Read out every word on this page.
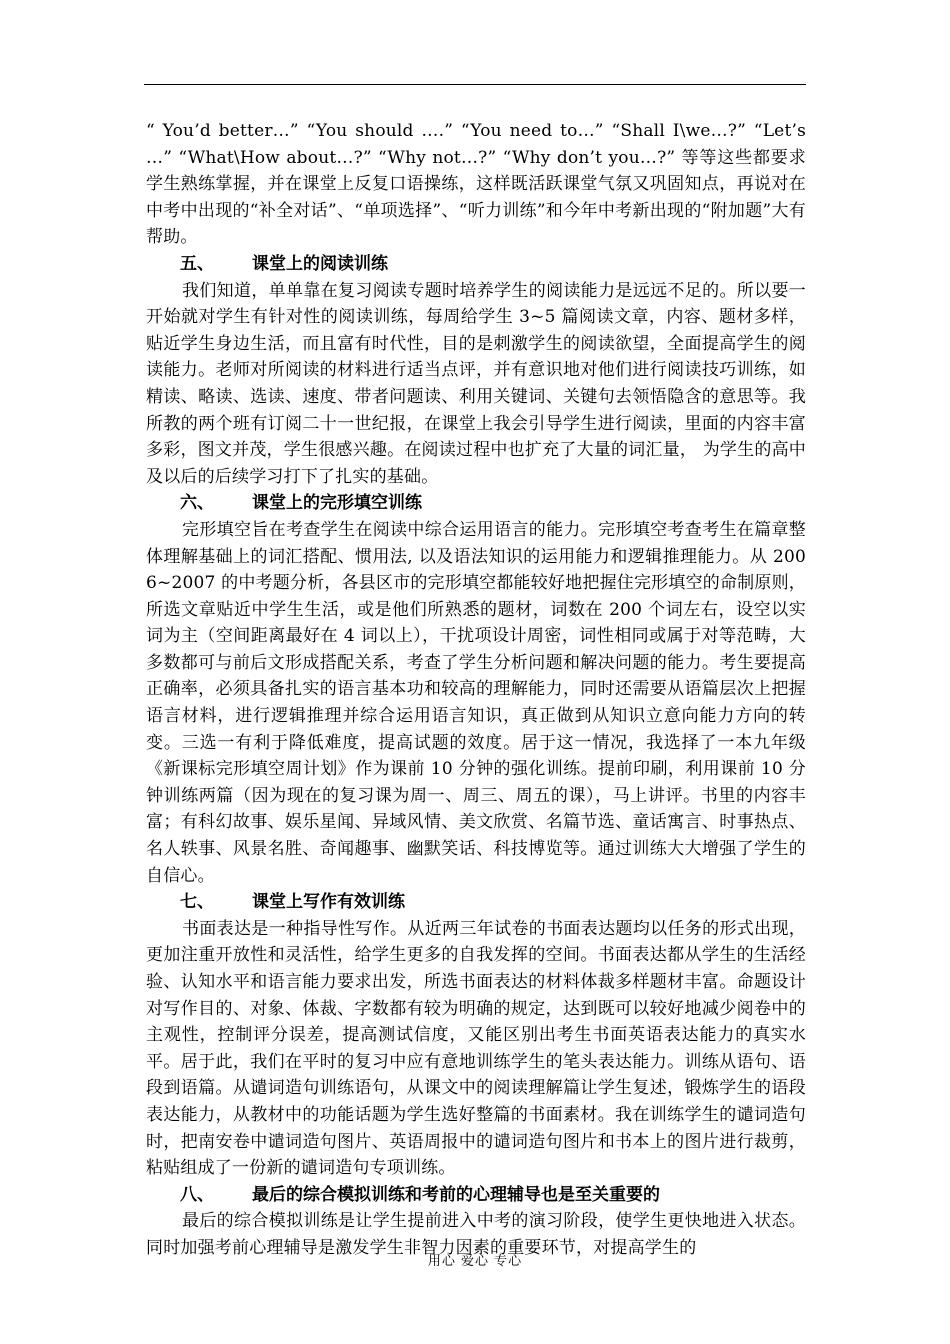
“ You’d better…” “You should ….” “You need to…” “Shall I\we…?” “Let’s …” “What\How about…?” “Why not…?” “Why don’t you…?” 等等这些都要求学生熟练掌握，并在课堂上反复口语操练，这样既活跃课堂气氛又巩固知点，再说对在中考中出现的“补全对话”、“单项选择”、“听力训练”和今年中考新出现的“附加题”大有帮助。

五、 课堂上的阅读训练

我们知道，单单靠在复习阅读专题时培养学生的阅读能力是远远不足的。所以要一开始就对学生有针对性的阅读训练，每周给学生 3~5 篇阅读文章，内容、题材多样，贴近学生身边生活，而且富有时代性，目的是刺激学生的阅读欲望，全面提高学生的阅读能力。老师对所阅读的材料进行适当点评，并有意识地对他们进行阅读技巧训练，如精读、略读、选读、速度、带者问题读、利用关键词、关键句去领悟隐含的意思等。我所教的两个班有订阅二十一世纪报，在课堂上我会引导学生进行阅读，里面的内容丰富多彩，图文并茂，学生很感兴趣。在阅读过程中也扩充了大量的词汇量， 为学生的高中及以后的后续学习打下了扎实的基础。

六、 课堂上的完形填空训练

完形填空旨在考查学生在阅读中综合运用语言的能力。完形填空考查考生在篇章整体理解基础上的词汇搭配、惯用法, 以及语法知识的运用能力和逻辑推理能力。从 2006~2007 的中考题分析，各县区市的完形填空都能较好地把握住完形填空的命制原则，所选文章贴近中学生生活，或是他们所熟悉的题材，词数在 200 个词左右，设空以实词为主（空间距离最好在 4 词以上），干扰项设计周密，词性相同或属于对等范畴，大多数都可与前后文形成搭配关系，考查了学生分析问题和解决问题的能力。考生要提高正确率，必须具备扎实的语言基本功和较高的理解能力，同时还需要从语篇层次上把握语言材料，进行逻辑推理并综合运用语言知识，真正做到从知识立意向能力方向的转变。三选一有利于降低难度，提高试题的效度。居于这一情况，我选择了一本九年级《新课标完形填空周计划》作为课前 10 分钟的强化训练。提前印刷，利用课前 10 分钟训练两篇（因为现在的复习课为周一、周三、周五的课），马上讲评。书里的内容丰富；有科幻故事、娱乐星闻、异域风情、美文欣赏、名篇节选、童话寓言、时事热点、名人轶事、风景名胜、奇闻趣事、幽默笑话、科技博览等。通过训练大大增强了学生的自信心。

七、 课堂上写作有效训练

书面表达是一种指导性写作。从近两三年试卷的书面表达题均以任务的形式出现，更加注重开放性和灵活性，给学生更多的自我发挥的空间。书面表达都从学生的生活经验、认知水平和语言能力要求出发，所选书面表达的材料体裁多样题材丰富。命题设计对写作目的、对象、体裁、字数都有较为明确的规定，达到既可以较好地减少阅卷中的主观性，控制评分误差，提高测试信度，又能区别出考生书面英语表达能力的真实水平。居于此，我们在平时的复习中应有意地训练学生的笔头表达能力。训练从语句、语段到语篇。从谴词造句训练语句，从课文中的阅读理解篇让学生复述，锻炼学生的语段表达能力，从教材中的功能话题为学生选好整篇的书面素材。我在训练学生的谴词造句时，把南安卷中谴词造句图片、英语周报中的谴词造句图片和书本上的图片进行裁剪，粘贴组成了一份新的谴词造句专项训练。

八、 最后的综合模拟训练和考前的心理辅导也是至关重要的

最后的综合模拟训练是让学生提前进入中考的演习阶段，使学生更快地进入状态。同时加强考前心理辅导是激发学生非智力因素的重要环节，对提高学生的

用心 爱心 专心
